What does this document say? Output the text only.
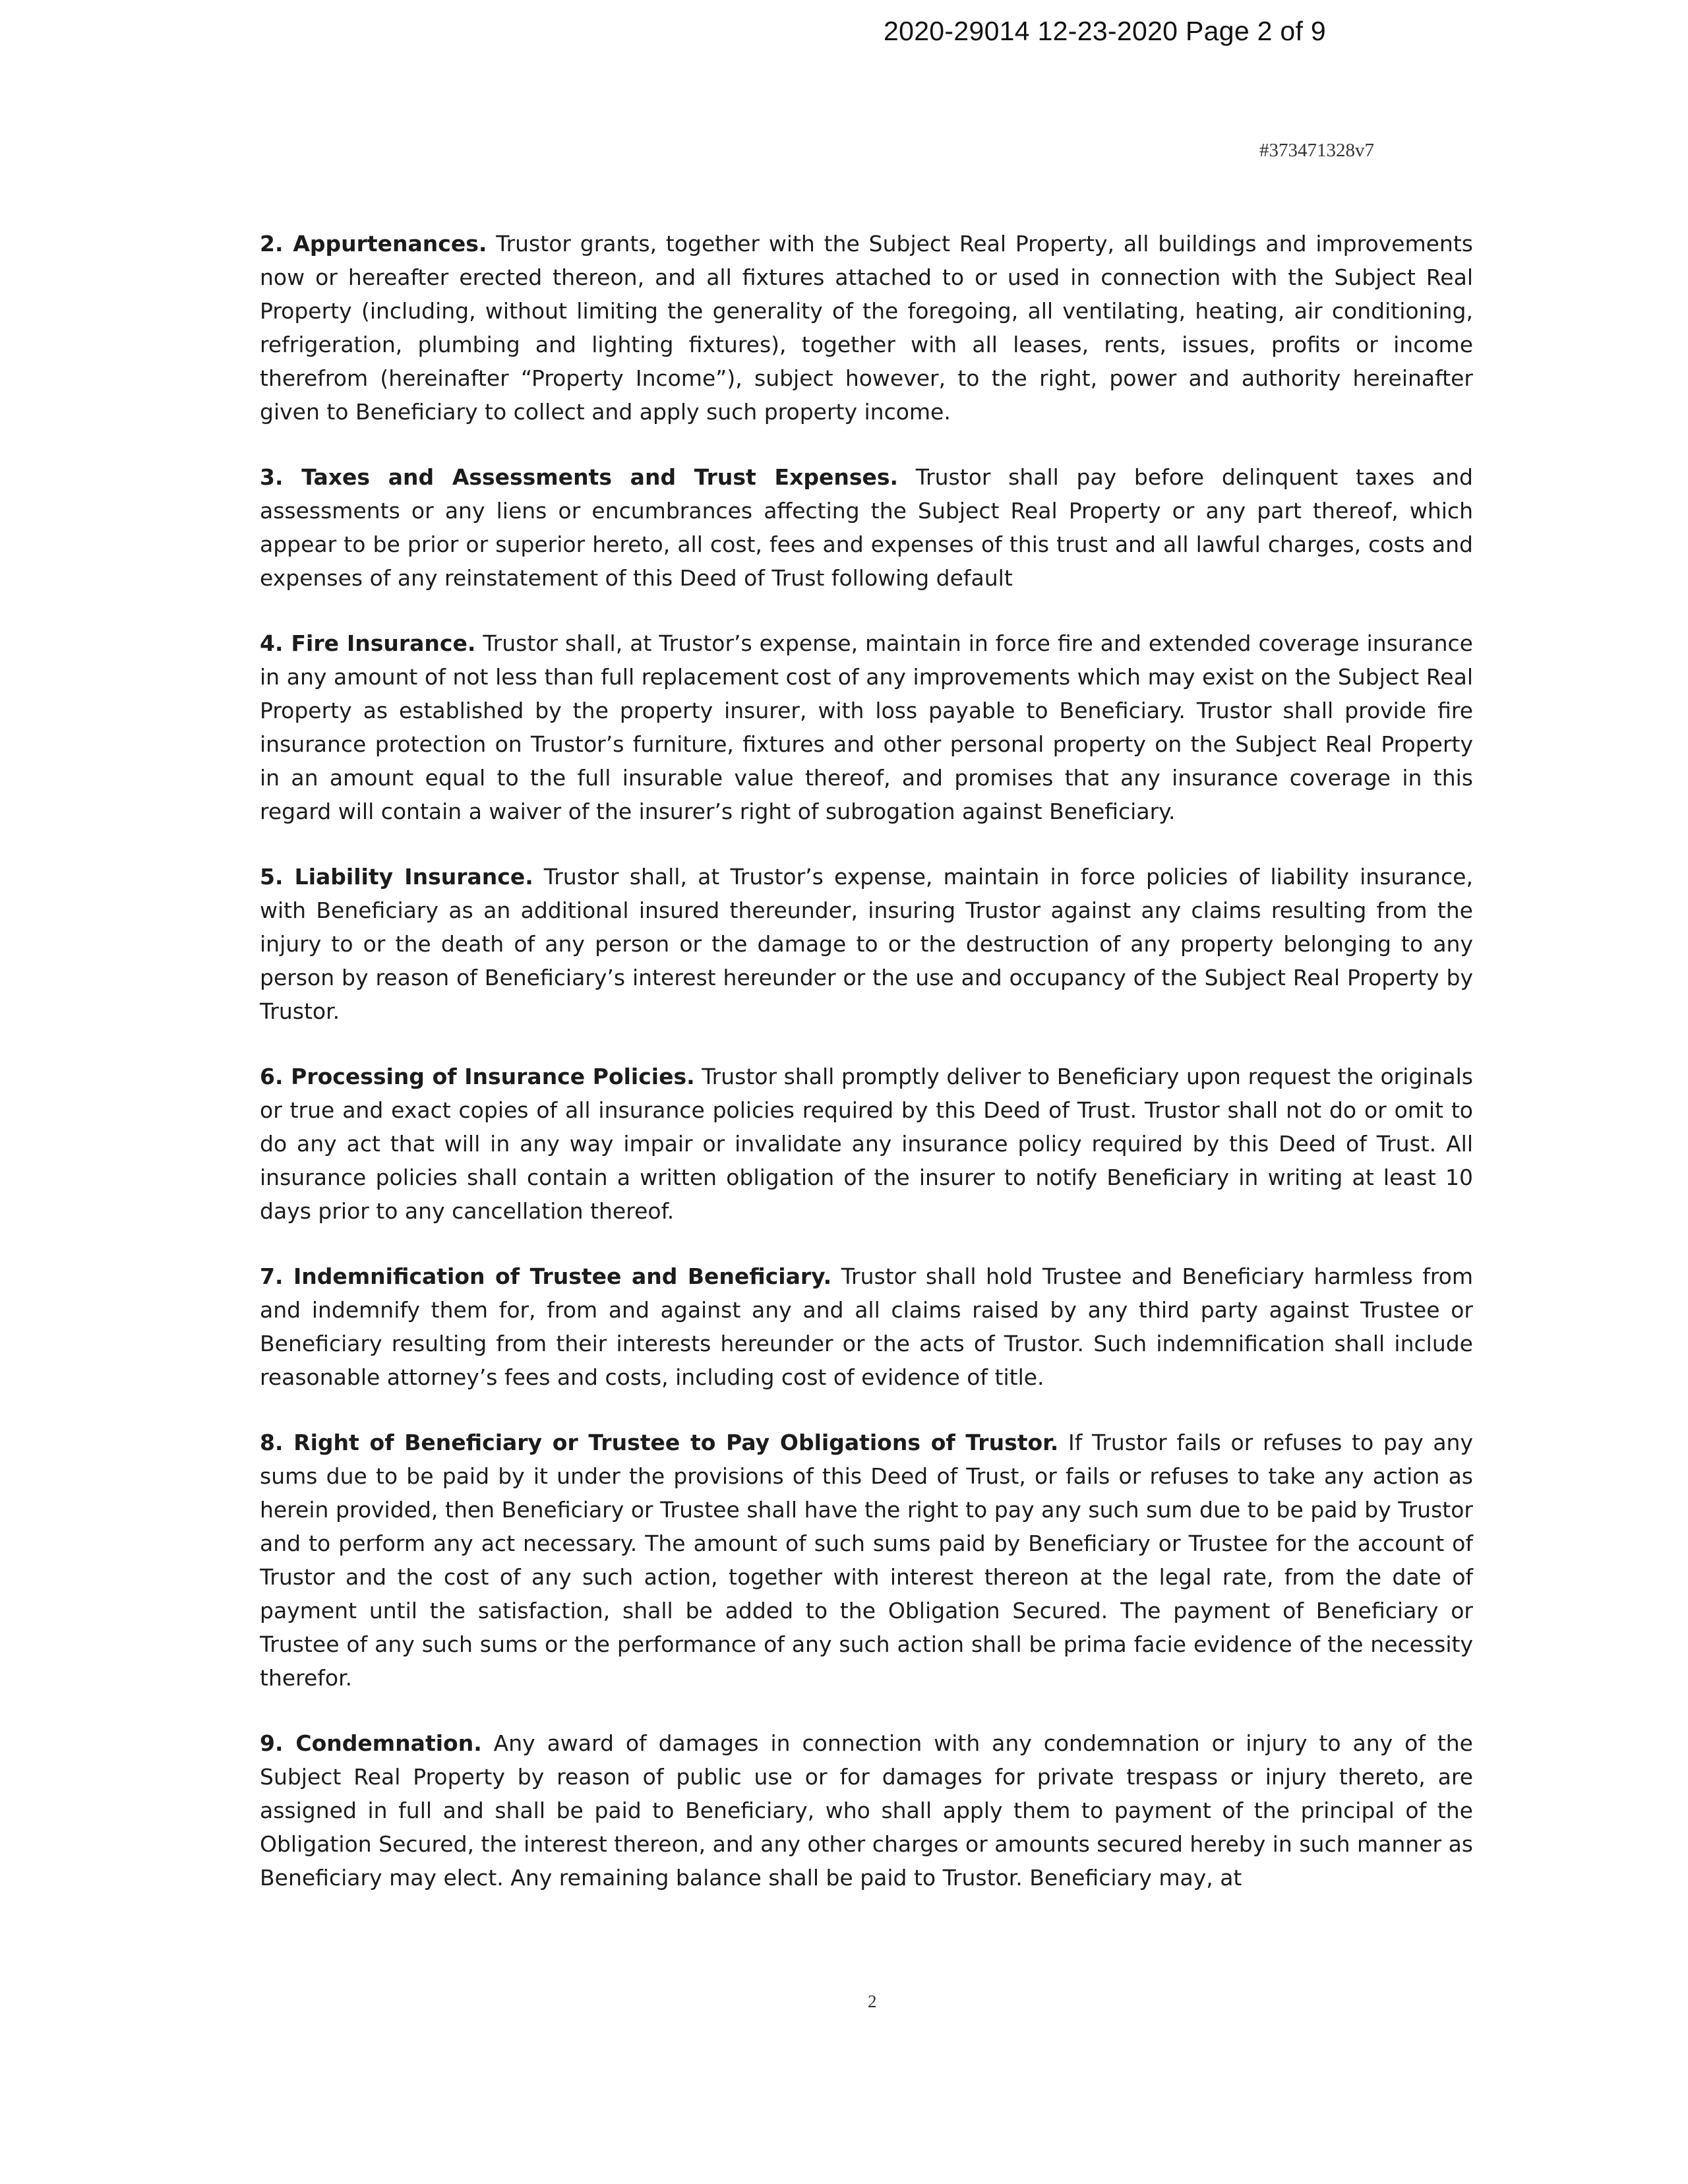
2020-29014 12-23-2020 Page 2 of 9
#373471328v7

2. Appurtenances. Trustor grants, together with the Subject Real Property, all buildings and improvements now or hereafter erected thereon, and all fixtures attached to or used in connection with the Subject Real Property (including, without limiting the generality of the foregoing, all ventilating, heating, air conditioning, refrigeration, plumbing and lighting fixtures), together with all leases, rents, issues, profits or income therefrom (hereinafter “Property Income”), subject however, to the right, power and authority hereinafter given to Beneficiary to collect and apply such property income.

3. Taxes and Assessments and Trust Expenses. Trustor shall pay before delinquent taxes and assessments or any liens or encumbrances affecting the Subject Real Property or any part thereof, which appear to be prior or superior hereto, all cost, fees and expenses of this trust and all lawful charges, costs and expenses of any reinstatement of this Deed of Trust following default

4. Fire Insurance. Trustor shall, at Trustor’s expense, maintain in force fire and extended coverage insurance in any amount of not less than full replacement cost of any improvements which may exist on the Subject Real Property as established by the property insurer, with loss payable to Beneficiary. Trustor shall provide fire insurance protection on Trustor’s furniture, fixtures and other personal property on the Subject Real Property in an amount equal to the full insurable value thereof, and promises that any insurance coverage in this regard will contain a waiver of the insurer’s right of subrogation against Beneficiary.

5. Liability Insurance. Trustor shall, at Trustor’s expense, maintain in force policies of liability insurance, with Beneficiary as an additional insured thereunder, insuring Trustor against any claims resulting from the injury to or the death of any person or the damage to or the destruction of any property belonging to any person by reason of Beneficiary’s interest hereunder or the use and occupancy of the Subject Real Property by Trustor.

6. Processing of Insurance Policies. Trustor shall promptly deliver to Beneficiary upon request the originals or true and exact copies of all insurance policies required by this Deed of Trust. Trustor shall not do or omit to do any act that will in any way impair or invalidate any insurance policy required by this Deed of Trust. All insurance policies shall contain a written obligation of the insurer to notify Beneficiary in writing at least 10 days prior to any cancellation thereof.

7. Indemnification of Trustee and Beneficiary. Trustor shall hold Trustee and Beneficiary harmless from and indemnify them for, from and against any and all claims raised by any third party against Trustee or Beneficiary resulting from their interests hereunder or the acts of Trustor. Such indemnification shall include reasonable attorney’s fees and costs, including cost of evidence of title.

8. Right of Beneficiary or Trustee to Pay Obligations of Trustor. If Trustor fails or refuses to pay any sums due to be paid by it under the provisions of this Deed of Trust, or fails or refuses to take any action as herein provided, then Beneficiary or Trustee shall have the right to pay any such sum due to be paid by Trustor and to perform any act necessary. The amount of such sums paid by Beneficiary or Trustee for the account of Trustor and the cost of any such action, together with interest thereon at the legal rate, from the date of payment until the satisfaction, shall be added to the Obligation Secured. The payment of Beneficiary or Trustee of any such sums or the performance of any such action shall be prima facie evidence of the necessity therefor.

9. Condemnation. Any award of damages in connection with any condemnation or injury to any of the Subject Real Property by reason of public use or for damages for private trespass or injury thereto, are assigned in full and shall be paid to Beneficiary, who shall apply them to payment of the principal of the Obligation Secured, the interest thereon, and any other charges or amounts secured hereby in such manner as Beneficiary may elect. Any remaining balance shall be paid to Trustor. Beneficiary may, at

2
